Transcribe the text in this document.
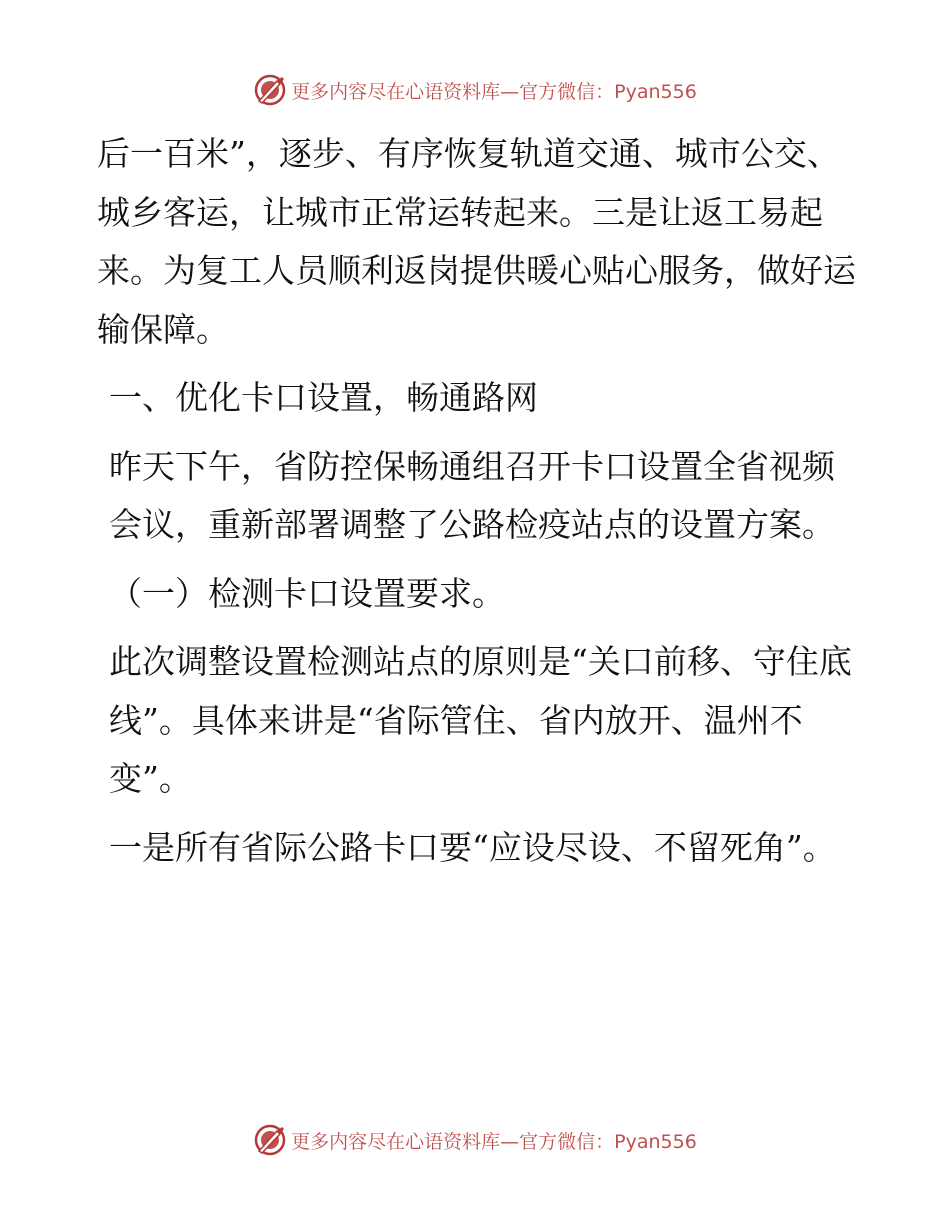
更多内容尽在心语资料库—官方微信：Pyan556

后一百米”，逐步、有序恢复轨道交通、城市公交、城乡客运，让城市正常运转起来。三是让返工易起来。为复工人员顺利返岗提供暖心贴心服务，做好运输保障。

一、优化卡口设置，畅通路网

昨天下午，省防控保畅通组召开卡口设置全省视频会议，重新部署调整了公路检疫站点的设置方案。

（一）检测卡口设置要求。

此次调整设置检测站点的原则是“关口前移、守住底线”。具体来讲是“省际管住、省内放开、温州不变”。

一是所有省际公路卡口要“应设尽设、不留死角”。

更多内容尽在心语资料库—官方微信：Pyan556
